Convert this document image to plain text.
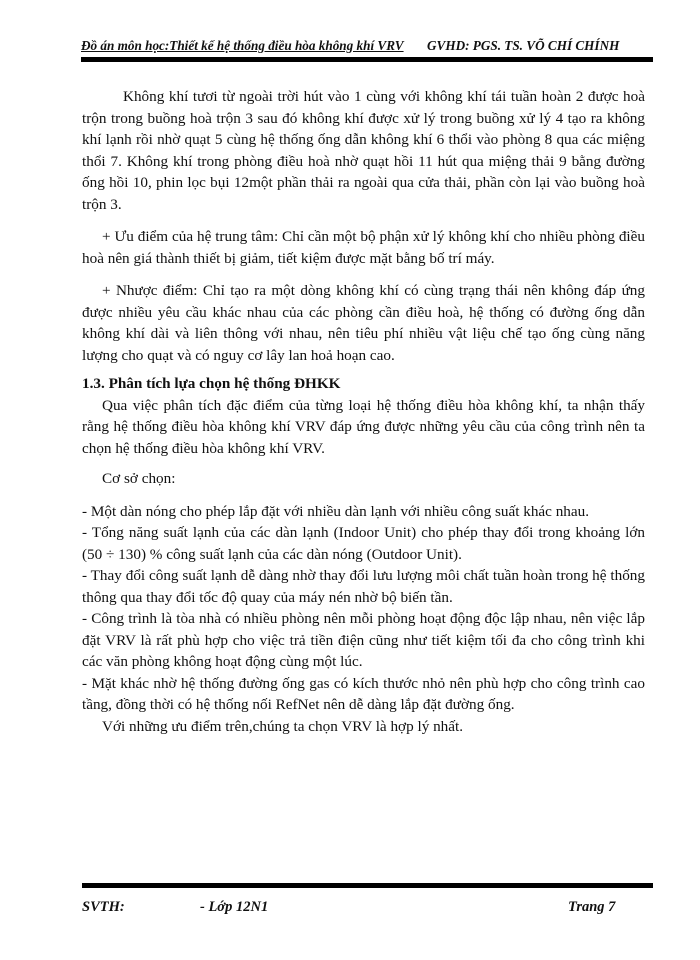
Đồ án môn học:Thiết kế hệ thống điều hòa không khí VRV GVHD: PGS. TS. VÕ CHÍ CHÍNH

Không khí tươi từ ngoài trời hút vào 1 cùng với không khí tái tuần hoàn 2 được hoà trộn trong buồng hoà trộn 3 sau đó không khí được xử lý trong buồng xử lý 4 tạo ra không khí lạnh rồi nhờ quạt 5 cùng hệ thống ống dẫn không khí 6 thổi vào phòng 8 qua các miệng thổi 7. Không khí trong phòng điều hoà nhờ quạt hồi 11 hút qua miệng thải 9 bằng đường ống hồi 10, phin lọc bụi 12một phần thải ra ngoài qua cửa thải, phần còn lại vào buồng hoà trộn 3.

+ Ưu điểm của hệ trung tâm: Chỉ cần một bộ phận xử lý không khí cho nhiều phòng điều hoà nên giá thành thiết bị giảm, tiết kiệm được mặt bằng bố trí máy.

+ Nhược điểm: Chỉ tạo ra một dòng không khí có cùng trạng thái nên không đáp ứng được nhiều yêu cầu khác nhau của các phòng cần điều hoà, hệ thống có đường ống dẫn không khí dài và liên thông với nhau, nên tiêu phí nhiều vật liệu chế tạo ống cùng năng lượng cho quạt và có nguy cơ lây lan hoả hoạn cao.

1.3. Phân tích lựa chọn hệ thống ĐHKK

Qua việc phân tích đặc điểm của từng loại hệ thống điều hòa không khí, ta nhận thấy rằng hệ thống điều hòa không khí VRV đáp ứng được những yêu cầu của công trình nên ta chọn hệ thống điều hòa không khí VRV.

Cơ sở chọn:

- Một dàn nóng cho phép lắp đặt với nhiều dàn lạnh với nhiều công suất khác nhau.

- Tổng năng suất lạnh của các dàn lạnh (Indoor Unit) cho phép thay đổi trong khoảng lớn (50 ÷ 130) % công suất lạnh của các dàn nóng (Outdoor Unit).

- Thay đổi công suất lạnh dễ dàng nhờ thay đổi lưu lượng môi chất tuần hoàn trong hệ thống thông qua thay đổi tốc độ quay của máy nén nhờ bộ biến tần.

- Công trình là tòa nhà có nhiều phòng nên mỗi phòng hoạt động độc lập nhau, nên việc lắp đặt VRV là rất phù hợp cho việc trả tiền điện cũng như tiết kiệm tối đa cho công trình khi các văn phòng không hoạt động cùng một lúc.

- Mặt khác nhờ hệ thống đường ống gas có kích thước nhỏ nên phù hợp cho công trình cao tầng, đồng thời có hệ thống nối RefNet nên dễ dàng lắp đặt đường ống.

Với những ưu điểm trên,chúng ta chọn VRV là hợp lý nhất.

SVTH:	- Lớp 12N1	Trang 7
